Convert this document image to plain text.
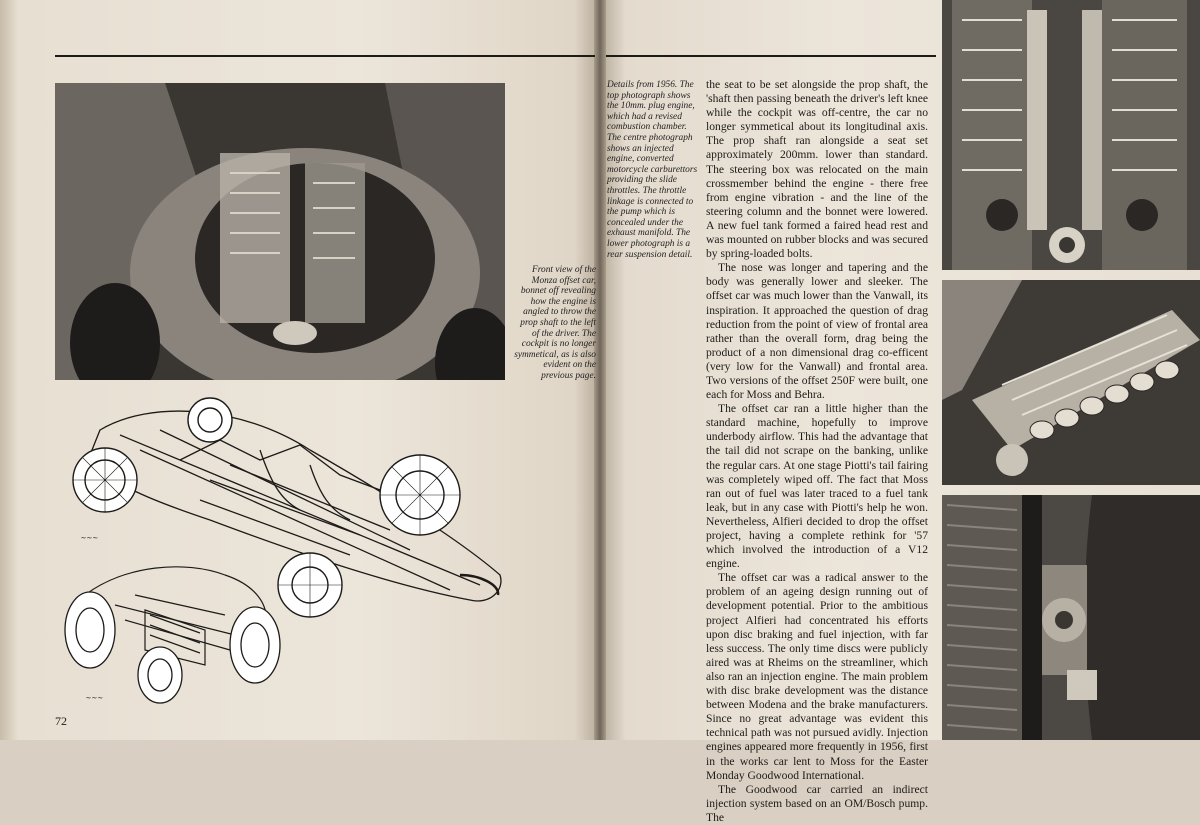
Front view of the Monza offset car, bonnet off revealing how the engine is angled to throw the prop shaft to the left of the driver. The cockpit is no longer symmetical, as is also evident on the previous page.
∼∼∼
∼∼∼
72
Details from 1956. The top photograph shows the 10mm. plug engine, which had a revised combustion chamber. The centre photograph shows an injected engine, converted motorcycle carburettors providing the slide throttles. The throttle linkage is connected to the pump which is concealed under the exhaust manifold. The lower photograph is a rear suspension detail.

the seat to be set alongside the prop shaft, the 'shaft then passing beneath the driver's left knee while the cockpit was off-centre, the car no longer symmetical about its longitudinal axis. The prop shaft ran alongside a seat set approximately 200mm. lower than standard. The steering box was relocated on the main crossmember behind the engine - there free from engine vibration - and the line of the steering column and the bonnet were lowered. A new fuel tank formed a faired head rest and was mounted on rubber blocks and was secured by spring-loaded bolts.

The nose was longer and tapering and the body was generally lower and sleeker. The offset car was much lower than the Vanwall, its inspiration. It approached the question of drag reduction from the point of view of frontal area rather than the overall form, drag being the product of a non dimensional drag co-efficent (very low for the Vanwall) and frontal area. Two versions of the offset 250F were built, one each for Moss and Behra.

The offset car ran a little higher than the standard machine, hopefully to improve underbody airflow. This had the advantage that the tail did not scrape on the banking, unlike the regular cars. At one stage Piotti's tail fairing was completely wiped off. The fact that Moss ran out of fuel was later traced to a fuel tank leak, but in any case with Piotti's help he won. Nevertheless, Alfieri decided to drop the offset project, having a complete rethink for '57 which involved the introduction of a V12 engine.

The offset car was a radical answer to the problem of an ageing design running out of development potential. Prior to the ambitious project Alfieri had concentrated his efforts upon disc braking and fuel injection, with far less success. The only time discs were publicly aired was at Rheims on the streamliner, which also ran an injection engine. The main problem with disc brake development was the distance between Modena and the brake manufacturers. Since no great advantage was evident this technical path was not pursued avidly. Injection engines appeared more frequently in 1956, first in the works car lent to Moss for the Easter Monday Goodwood International.

The Goodwood car carried an indirect injection system based on an OM/Bosch pump. The
